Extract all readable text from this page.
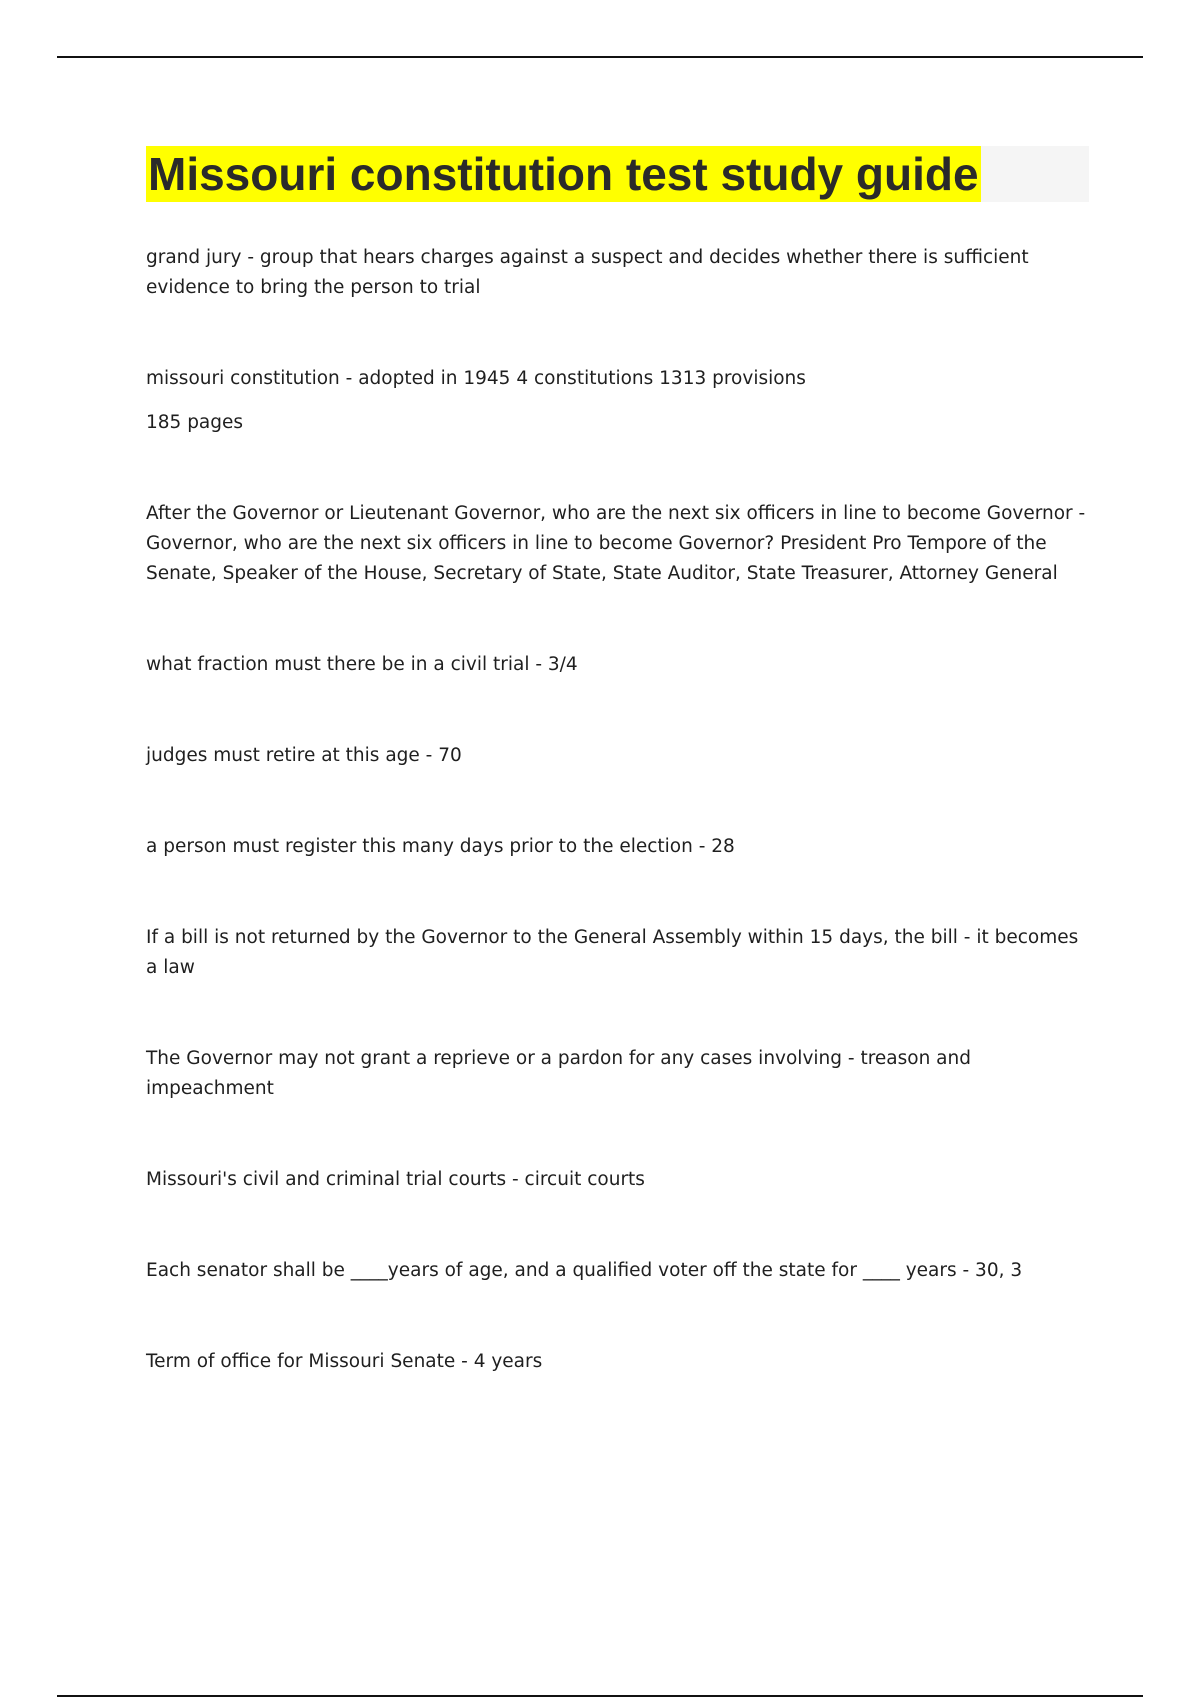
Missouri constitution test study guide

grand jury - group that hears charges against a suspect and decides whether there is sufficient evidence to bring the person to trial

missouri constitution - adopted in 1945 4 constitutions 1313 provisions

185 pages

After the Governor or Lieutenant Governor, who are the next six officers in line to become Governor - Governor, who are the next six officers in line to become Governor? President Pro Tempore of the Senate, Speaker of the House, Secretary of State, State Auditor, State Treasurer, Attorney General

what fraction must there be in a civil trial - 3/4

judges must retire at this age - 70

a person must register this many days prior to the election - 28

If a bill is not returned by the Governor to the General Assembly within 15 days, the bill - it becomes a law

The Governor may not grant a reprieve or a pardon for any cases involving - treason and impeachment

Missouri's civil and criminal trial courts - circuit courts

Each senator shall be ____years of age, and a qualified voter off the state for ____ years - 30, 3

Term of office for Missouri Senate - 4 years
